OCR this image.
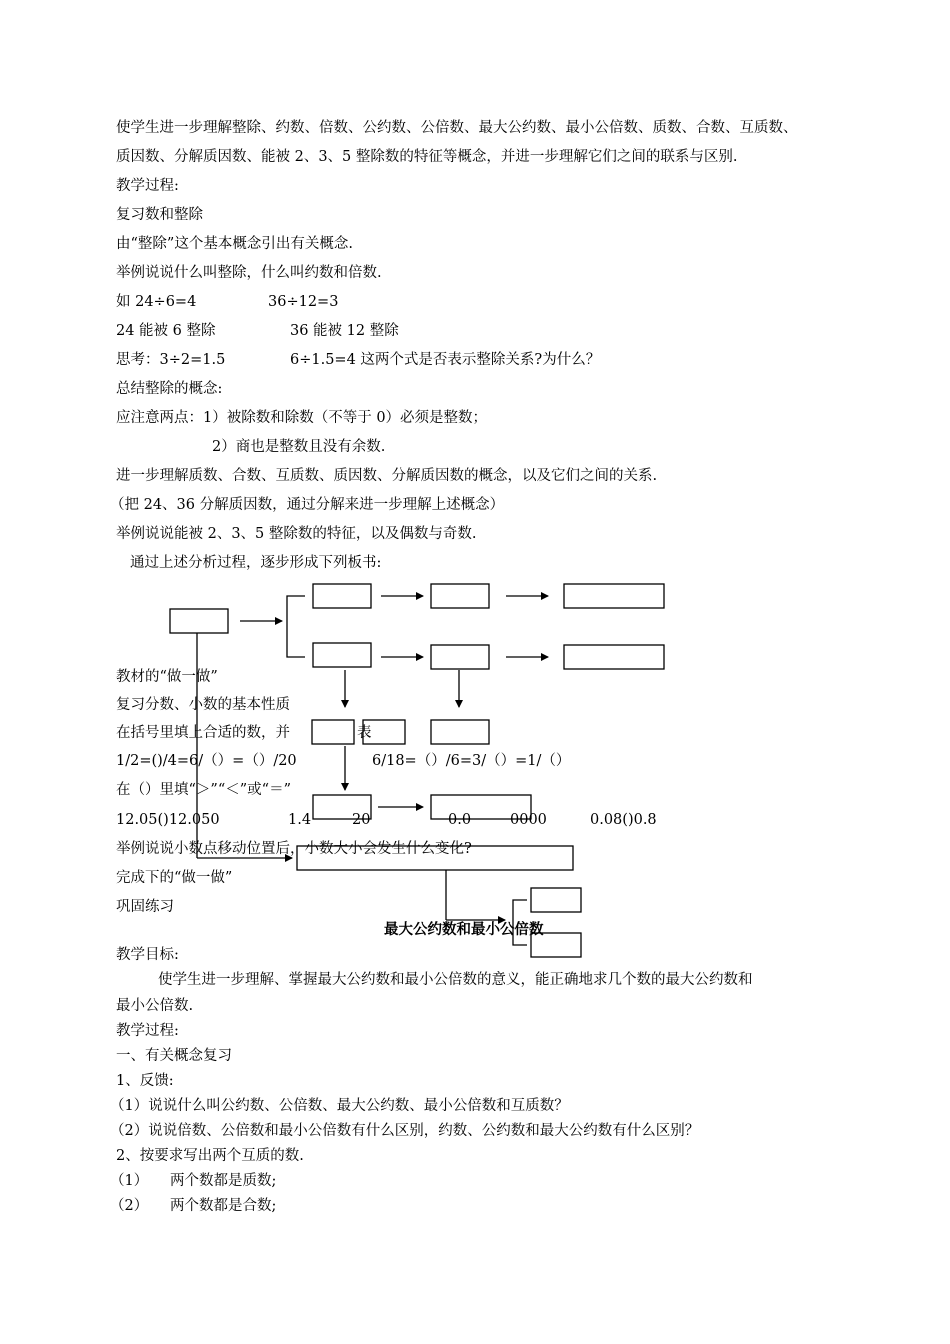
使学生进一步理解整除、约数、倍数、公约数、公倍数、最大公约数、最小公倍数、质数、合数、互质数、
质因数、分解质因数、能被 2、3、5 整除数的特征等概念，并进一步理解它们之间的联系与区别.
教学过程:
复习数和整除
由“整除”这个基本概念引出有关概念.
举例说说什么叫整除，什么叫约数和倍数.
如 24÷6=4	36÷12=3
24 能被 6 整除	36 能被 12 整除
思考：3÷2=1.5	6÷1.5=4 这两个式是否表示整除关系?为什么？
总结整除的概念:
应注意两点：1）被除数和除数（不等于 0）必须是整数；
2）商也是整数且没有余数.
进一步理解质数、合数、互质数、质因数、分解质因数的概念，以及它们之间的关系.
（把 24、36 分解质因数，通过分解来进一步理解上述概念）
举例说说能被 2、3、5 整除数的特征，以及偶数与奇数.
通过上述分析过程，逐步形成下列板书:
教材的“做一做”
复习分数、小数的基本性质
在括号里填上合适的数，并	表
1/2=()/4=6/（）=（）/20	6/18=（）/6=3/（）=1/（）
在（）里填“＞”“＜”或“＝”
12.05()12.050	1.4	20	0.0	0000	0.08()0.8
举例说说小数点移动位置后，小数大小会发生什么变化?
完成下的“做一做”
巩固练习
最大公约数和最小公倍数
教学目标:
使学生进一步理解、掌握最大公约数和最小公倍数的意义，能正确地求几个数的最大公约数和
最小公倍数.
教学过程:
一、有关概念复习
1、反馈:
（1）说说什么叫公约数、公倍数、最大公约数、最小公倍数和互质数？
（2）说说倍数、公倍数和最小公倍数有什么区别，约数、公约数和最大公约数有什么区别？
2、按要求写出两个互质的数.
（1） 两个数都是质数;
（2） 两个数都是合数;
